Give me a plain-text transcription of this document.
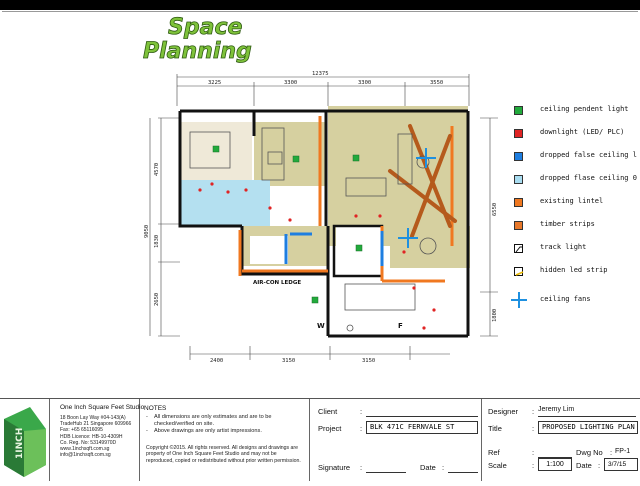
Space
Planning
12375
3225	3300	3300	3550
2400	3150	3150
4570
1830
2650
9050
6550
1800
AIR-CON LEDGE
W	F
ceiling pendent light
downlight (LED/ PLC)
dropped false ceiling l
dropped flase ceiling 0
existing lintel
timber strips
track light
hidden led strip
ceiling fans
1INCH
One Inch Square Feet Studio
18 Boon Lay Way #04-143(A)
TradeHub 21 Singapore 609966
Fax: +65 65116095
HDB Licence: HB-10-4309H
Co. Reg. No: 53149970D
www.1inchsqft.com.sg
info@1inchsqft.com.sg
NOTES
- All dimensions are only estimates and are to be checked/verified on site.
- Above drawings are only artist impressions.
Copyright ©2015. All rights reserved. All designs and drawings are property of One Inch Square Feet Studio and may not be reproduced, copied or redistributed without prior written permission.
Client	:
Project :	BLK 471C FERNVALE ST
Signature :	Date :
Designer : Jeremy Lim
Title	:	PROPOSED LIGHTING PLAN
Ref	:	Dwg No : FP-1
Scale	:	1:100	Date :	3/7/15
